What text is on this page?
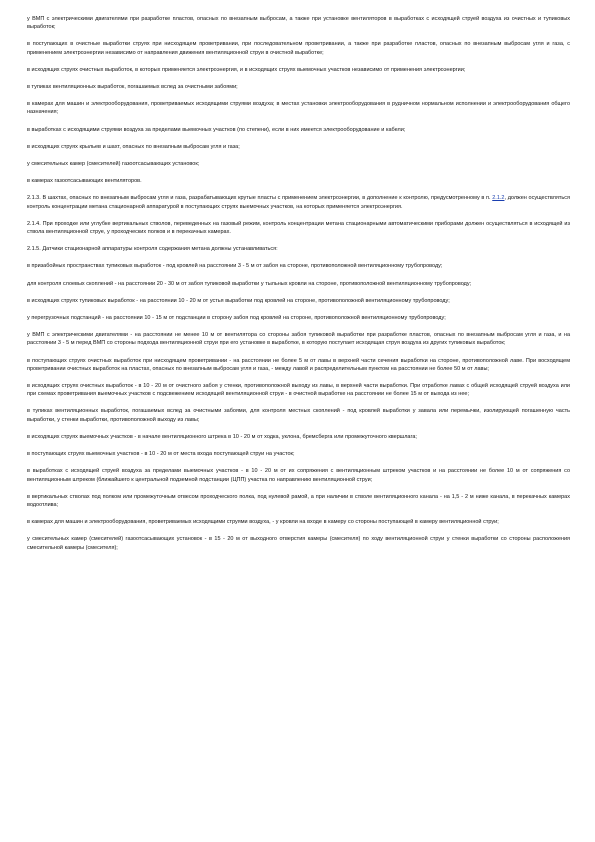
у ВМП с электрическими двигателями при разработке пластов, опасных по внезапным выбросам, а также при установке вентиляторов в выработках с исходящей струей воздуха из очистных и тупиковых выработок;

в поступающих в очистные выработки струях при нисходящем проветривании, при последовательном проветривании, а также при разработке пластов, опасных по внезапным выбросам угля и газа, с применением электроэнергии независимо от направления движения вентиляционной струи в очистной выработке;

в исходящих струях очистных выработок, в которых применяется электроэнергия, и в исходящих струях выемочных участков независимо от применения электроэнергии;

в тупиках вентиляционных выработок, погашаемых вслед за очистными забоями;

в камерах для машин и электрооборудования, проветриваемых исходящими струями воздуха; в местах установки электрооборудования в рудничном нормальном исполнении и электрооборудования общего назначения;

в выработках с исходящими струями воздуха за пределами выемочных участков (по степени), если в них имеется электрооборудование и кабели;

в исходящих струях крыльев и шахт, опасных по внезапным выбросам угля и газа;

у смесительных камер (смесителей) газоотсасывающих установок;

в камерах газоотсасывающих вентиляторов.

2.1.3. В шахтах, опасных по внезапным выбросам угля и газа, разрабатывающих крутые пласты с применением электроэнергии, в дополнение к контролю, предусмотренному в п. 2.1.2, должен осуществляться контроль концентрации метана стационарной аппаратурой в поступающих струях выемочных участков, на которых применяется электроэнергия.

2.1.4. При проходке или углубке вертикальных стволов, переведенных на газовый режим, контроль концентрации метана стационарными автоматическими приборами должен осуществляться в исходящей из ствола вентиляционной струе, у проходческих полков и в перекачных камерах.

2.1.5. Датчики стационарной аппаратуры контроля содержания метана должны устанавливаться:

в призабойных пространствах тупиковых выработок - под кровлей на расстоянии 3 - 5 м от забоя на стороне, противоположной вентиляционному трубопроводу;

для контроля слоевых скоплений - на расстоянии 20 - 30 м от забоя тупиковой выработки у тыльных кровли на стороне, противоположной вентиляционному трубопроводу;

в исходящих струях тупиковых выработок - на расстоянии 10 - 20 м от устья выработки под кровлей на стороне, противоположной вентиляционному трубопроводу;

у перегрузочных подстанций - на расстоянии 10 - 15 м от подстанции в сторону забоя под кровлей на стороне, противоположной вентиляционному трубопроводу;

у ВМП с электрическими двигателями - на расстоянии не менее 10 м от вентилятора со стороны забоя тупиковой выработки при разработке пластов, опасных по внезапным выбросам угля и газа, и на расстоянии 3 - 5 м перед ВМП со стороны подхода вентиляционной струи при его установке в выработке, в которую поступает исходящая струя воздуха из других тупиковых выработок;

в поступающих струях очистных выработок при нисходящем проветривании - на расстоянии не более 5 м от лавы в верхней части сечения выработки на стороне, противоположной лаве. При восходящем проветривании очистных выработок на пластах, опасных по внезапным выбросам угля и газа, - между лавой и распределительным пунктом на расстоянии не более 50 м от лавы;

в исходящих струях очистных выработок - в 10 - 20 м от очистного забоя у стенки, противоположной выходу из лавы, в верхней части выработки. При отработке лавах с общей исходящей струей воздуха или при схемах проветривания выемочных участков с подсвежением исходящей вентиляционной струи - в очистной выработке на расстоянии не более 15 м от выхода из нее;

в тупиках вентиляционных выработок, погашаемых вслед за очистными забоями, для контроля местных скоплений - под кровлей выработки у завала или перемычки, изолирующей погашенную часть выработки, у стенки выработки, противоположной выходу из лавы;

в исходящих струях выемочных участков - в начале вентиляционного штрека в 10 - 20 м от ходка, уклона, бремсберга или промежуточного квершлага;

в поступающих струях выемочных участков - в 10 - 20 м от места входа поступающей струи на участок;

в выработках с исходящей струей воздуха за пределами выемочных участков - в 10 - 20 м от их сопряжения с вентиляционным штреком участков и на расстоянии не более 10 м от сопряжения со вентиляционным штреком (ближайшего к центральной подземной подстанции (ЦПП) участка по направлению вентиляционной струи;

в вертикальных стволах под полком или промежуточным отвесом проходческого полка, под нулевой рамой, а при наличии в стволе вентиляционного канала - на 1,5 - 2 м ниже канала, в перекачных камерах водоотлива;

в камерах для машин и электрооборудования, проветриваемых исходящими струями воздуха, - у кровли на входе в камеру со стороны поступающей в камеру вентиляционной струи;

у смесительных камер (смесителей) газоотсасывающих установок - в 15 - 20 м от выходного отверстия камеры (смесителя) по ходу вентиляционной струи у стенки выработки со стороны расположения смесительной камеры (смесителя);
